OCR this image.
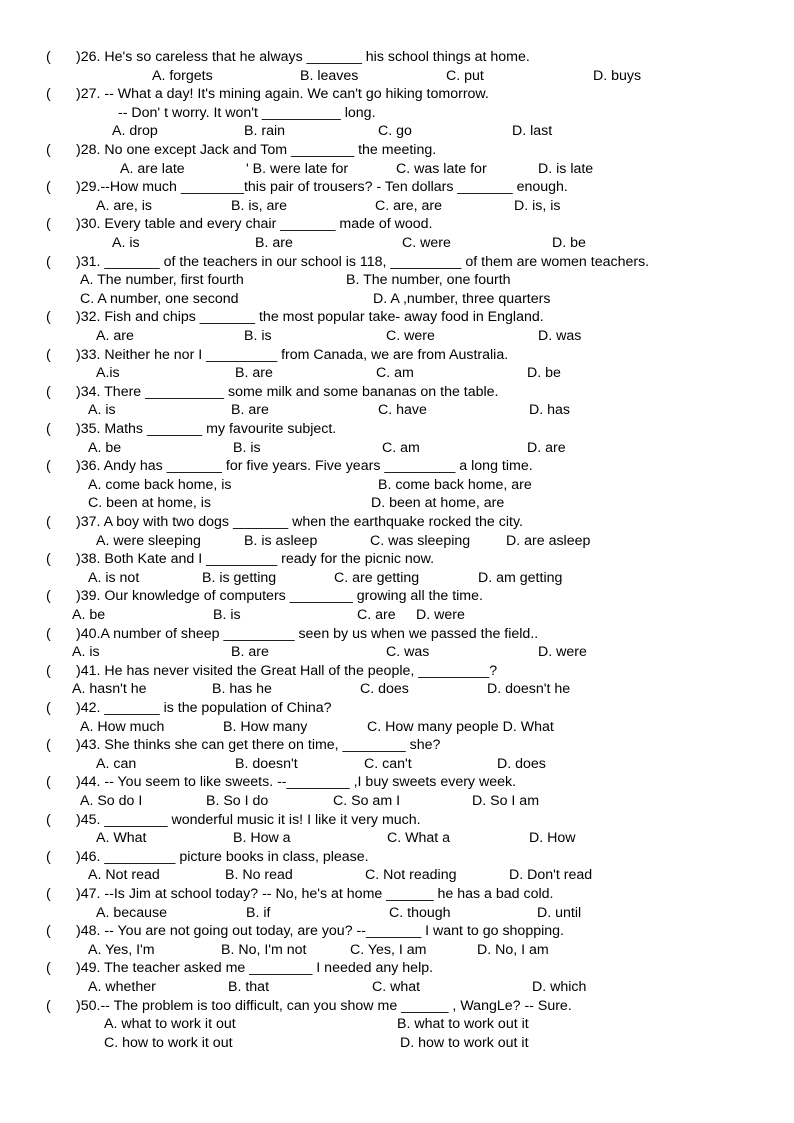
( )26. He's so careless that he always _______ his school things at home.
A. forgets	B. leaves	C. put	D. buys
( )27. -- What a day! It's mining again. We can't go hiking tomorrow.
-- Don' t worry. It won't __________ long.
A. drop	B. rain	C. go	D. last
( )28. No one except Jack and Tom ________ the meeting.
A. are late	' B. were late for	C. was late for	D. is late
( )29.--How much ________this pair of trousers? - Ten dollars _______ enough.
A. are, is	B. is, are	C. are, are	D. is, is
( )30. Every table and every chair _______ made of wood.
A. is	B. are	C. were	D. be
( )31. _______ of the teachers in our school is 118, _________ of them are women teachers.
A. The number, first fourth	B. The number, one fourth
C. A number, one second	D. A ,number, three quarters
( )32. Fish and chips _______ the most popular take- away food in England.
A. are	B. is	C. were	D. was
( )33. Neither he nor I _________ from Canada, we are from Australia.
A.is	B. are	C. am	D. be
( )34. There __________ some milk and some bananas on the table.
A. is	B. are	C. have	D. has
( )35. Maths _______ my favourite subject.
A. be	B. is	C. am	D. are
( )36. Andy has _______ for five years. Five years _________ a long time.
A. come back home, is	B. come back home, are
C. been at home, is	D. been at home, are
( )37. A boy with two dogs _______ when the earthquake rocked the city.
A. were sleeping	B. is asleep	C. was sleeping	D. are asleep
( )38. Both Kate and I _________ ready for the picnic now.
A. is not	B. is getting	C. are getting	D. am getting
( )39. Our knowledge of computers ________ growing all the time.
A. be	B. is	C. are D. were
( )40.A number of sheep _________ seen by us when we passed the field..
A. is	B. are	C. was	D. were
( )41. He has never visited the Great Hall of the people, _________?
A. hasn't he	B. has he	C. does	D. doesn't he
( )42. _______ is the population of China?
A. How much	B. How many	C. How many people D. What
( )43. She thinks she can get there on time, ________ she?
A. can	B. doesn't	C. can't	D. does
( )44. -- You seem to like sweets. --________ ,I buy sweets every week.
A. So do I	B. So I do	C. So am I	D. So I am
( )45. ________ wonderful music it is! I like it very much.
A. What	B. How a	C. What a	D. How
( )46. _________ picture books in class, please.
A. Not read	B. No read	C. Not reading	D. Don't read
( )47. --Is Jim at school today? -- No, he's at home ______ he has a bad cold.
A. because	B. if	C. though	D. until
( )48. -- You are not going out today, are you? --_______ I want to go shopping.
A. Yes, I'm	B. No, I'm not	C. Yes, I am	D. No, I am
( )49. The teacher asked me ________ I needed any help.
A. whether	B. that	C. what	D. which
( )50.-- The problem is too difficult, can you show me ______ , WangLe? -- Sure.
A. what to work it out	B. what to work out it
C. how to work it out	D. how to work out it
